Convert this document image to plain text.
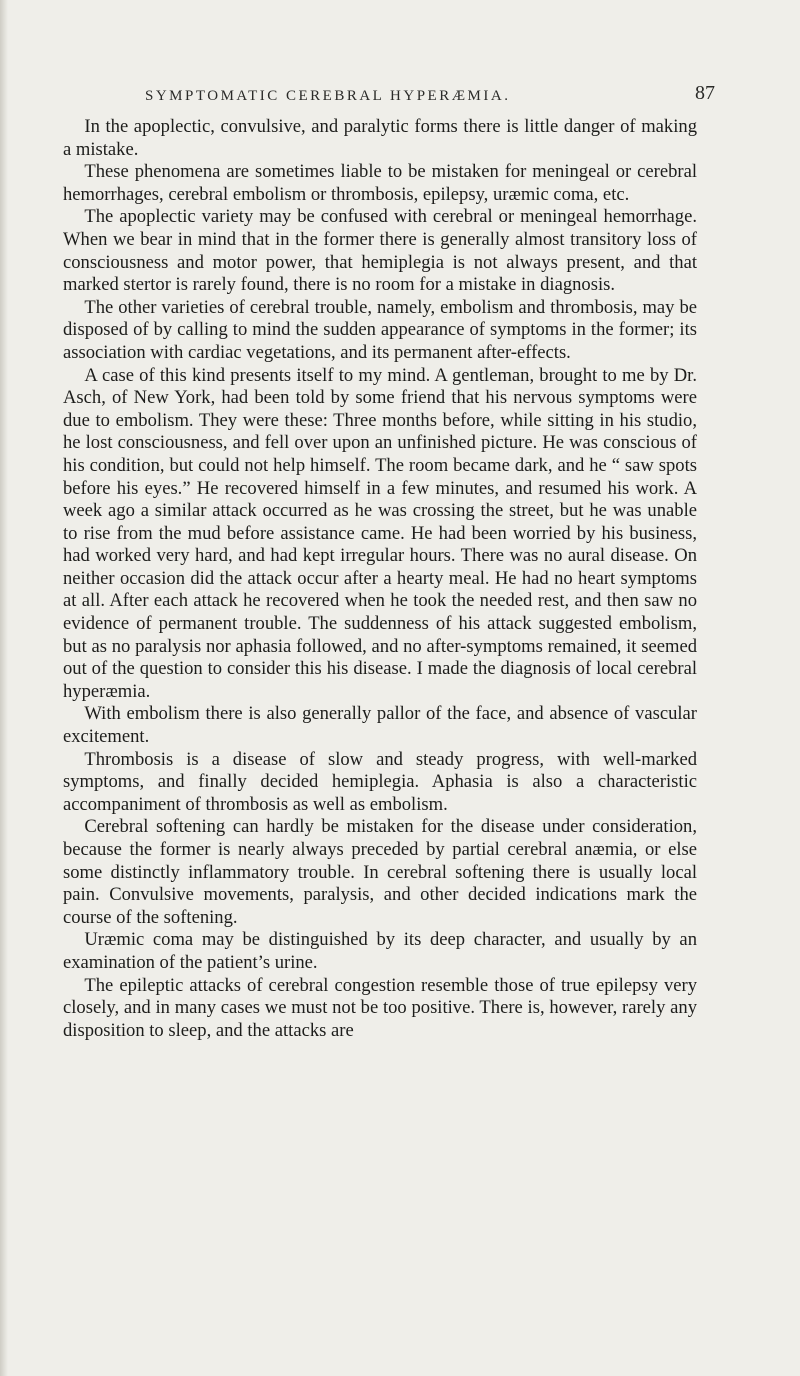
SYMPTOMATIC CEREBRAL HYPERÆMIA.	87

In the apoplectic, convulsive, and paralytic forms there is little danger of making a mistake.

These phenomena are sometimes liable to be mistaken for meningeal or cerebral hemorrhages, cerebral embolism or thrombosis, epilepsy, uræmic coma, etc.

The apoplectic variety may be confused with cerebral or meningeal hemorrhage. When we bear in mind that in the former there is generally almost transitory loss of consciousness and motor power, that hemiplegia is not always present, and that marked stertor is rarely found, there is no room for a mistake in diagnosis.

The other varieties of cerebral trouble, namely, embolism and thrombosis, may be disposed of by calling to mind the sudden appearance of symptoms in the former; its association with cardiac vegetations, and its permanent after-effects.

A case of this kind presents itself to my mind. A gentleman, brought to me by Dr. Asch, of New York, had been told by some friend that his nervous symptoms were due to embolism. They were these: Three months before, while sitting in his studio, he lost consciousness, and fell over upon an unfinished picture. He was conscious of his condition, but could not help himself. The room became dark, and he “ saw spots before his eyes.” He recovered himself in a few minutes, and resumed his work. A week ago a similar attack occurred as he was crossing the street, but he was unable to rise from the mud before assistance came. He had been worried by his business, had worked very hard, and had kept irregular hours. There was no aural disease. On neither occasion did the attack occur after a hearty meal. He had no heart symptoms at all. After each attack he recovered when he took the needed rest, and then saw no evidence of permanent trouble. The suddenness of his attack suggested embolism, but as no paralysis nor aphasia followed, and no after-symptoms remained, it seemed out of the question to consider this his disease. I made the diagnosis of local cerebral hyperæmia.

With embolism there is also generally pallor of the face, and absence of vascular excitement.

Thrombosis is a disease of slow and steady progress, with well-marked symptoms, and finally decided hemiplegia. Aphasia is also a characteristic accompaniment of thrombosis as well as embolism.

Cerebral softening can hardly be mistaken for the disease under consideration, because the former is nearly always preceded by partial cerebral anæmia, or else some distinctly inflammatory trouble. In cerebral softening there is usually local pain. Convulsive movements, paralysis, and other decided indications mark the course of the softening.

Uræmic coma may be distinguished by its deep character, and usually by an examination of the patient’s urine.

The epileptic attacks of cerebral congestion resemble those of true epilepsy very closely, and in many cases we must not be too positive. There is, however, rarely any disposition to sleep, and the attacks are
